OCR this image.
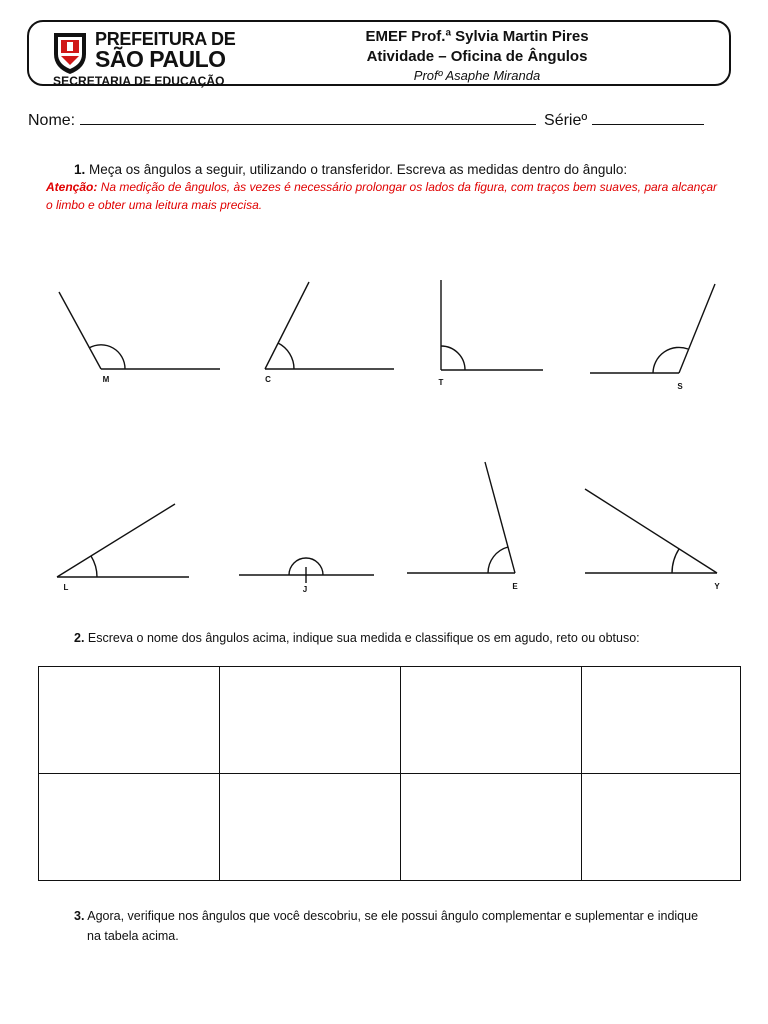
PREFEITURA DE
SÃO PAULO
SECRETARIA DE EDUCAÇÃO
EMEF Prof.ª Sylvia Martin Pires
Atividade – Oficina de Ângulos
Profº Asaphe Miranda
Nome:	Sérieº
1. Meça os ângulos a seguir, utilizando o transferidor. Escreva as medidas dentro do ângulo:
Atenção: Na medição de ângulos, às vezes é necessário prolongar os lados da figura, com traços bem suaves, para alcançar o limbo e obter uma leitura mais precisa.
M	C	T	S
L	J	E	Y
2. Escreva o nome dos ângulos acima, indique sua medida e classifique os em agudo, reto ou obtuso:

3. Agora, verifique nos ângulos que você descobriu, se ele possui ângulo complementar e suplementar e indique
na tabela acima.
